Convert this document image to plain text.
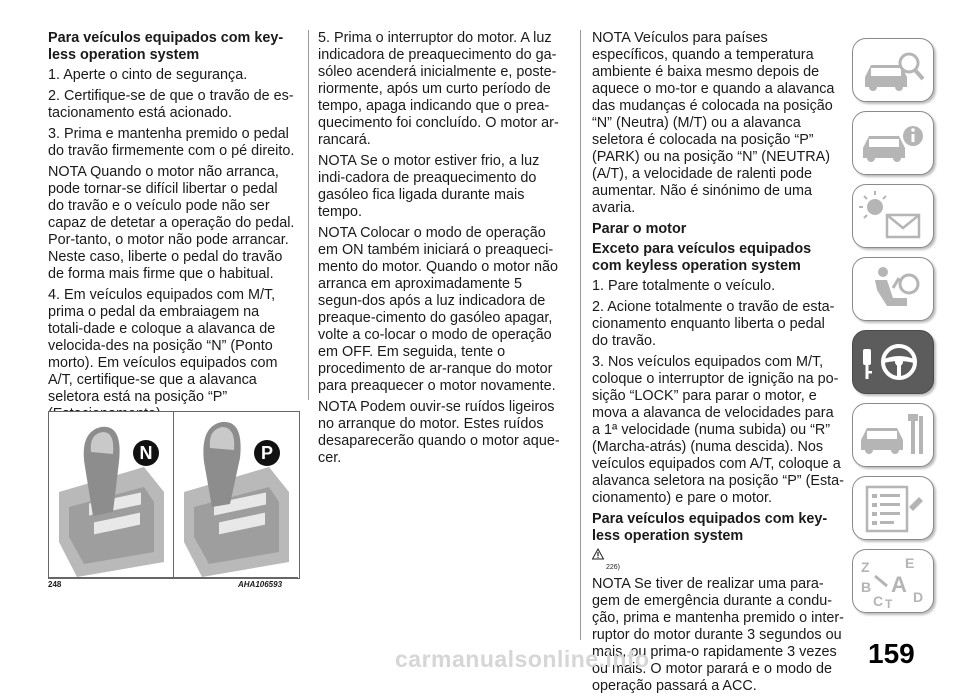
Para veículos equipados com key-less operation system

1. Aperte o cinto de segurança.

2. Certifique-se de que o travão de es-tacionamento está acionado.

3. Prima e mantenha premido o pedal do travão firmemente com o pé direito.

NOTA Quando o motor não arranca, pode tornar-se difícil libertar o pedal do travão e o veículo pode não ser capaz de detetar a operação do pedal. Por-tanto, o motor não pode arrancar. Neste caso, liberte o pedal do travão de forma mais firme que o habitual.

4. Em veículos equipados com M/T, prima o pedal da embraiagem na totali-dade e coloque a alavanca de velocida-des na posição “N” (Ponto morto). Em veículos equipados com A/T, certifique-se que a alavanca seletora está na posição “P”

N	P
248	AHA106593

5. Prima o interruptor do motor. A luz indicadora de preaquecimento do ga-sóleo acenderá inicialmente e, poste-riormente, após um curto período de tempo, apaga indicando que o prea-quecimento foi concluído. O motor ar-rancará.

NOTA Se o motor estiver frio, a luz indi-cadora de preaquecimento do gasóleo fica ligada durante mais tempo.

NOTA Colocar o modo de operação em ON também iniciará o preaqueci-mento do motor. Quando o motor não arranca em aproximadamente 5 segun-dos após a luz indicadora de preaque-cimento do gasóleo apagar, volte a co-locar o modo de operação em OFF. Em seguida, tente o procedimento de ar-ranque do motor para preaquecer o motor novamente.

NOTA Podem ouvir-se ruídos ligeiros no arranque do motor. Estes ruídos desaparecerão quando o motor aque-cer.

NOTA Veículos para países específicos, quando a temperatura ambiente é baixa mesmo depois de aquece o mo-tor e quando a alavanca das mudanças é colocada na posição “N” (Neutra) (M/T) ou a alavanca seletora é colocada na posição “P” (PARK) ou na posição “N” (NEUTRA) (A/T), a velocidade de ralenti pode aumentar. Não é sinónimo de uma avaria.

Parar o motor
Exceto para veículos equipados com keyless operation system

1. Pare totalmente o veículo.

2. Acione totalmente o travão de esta-cionamento enquanto liberta o pedal do travão.

3. Nos veículos equipados com M/T, coloque o interruptor de ignição na po-sição “LOCK” para parar o motor, e mova a alavanca de velocidades para a 1ª velocidade (numa subida) ou “R” (Marcha-atrás) (numa descida). Nos veículos equipados com A/T, coloque a alavanca seletora na posição “P” (Esta-cionamento) e pare o motor.

Para veículos equipados com key-less operation system
226)

NOTA Se tiver de realizar uma para-gem de emergência durante a condu-ção, prima e mantenha premido o inter-ruptor do motor durante 3 segundos ou mais, ou prima-o rapidamente 3 vezes ou mais. O motor parará e o modo de operação passará a ACC.

Z	E
B A
C T D
159
carmanualsonline.info
